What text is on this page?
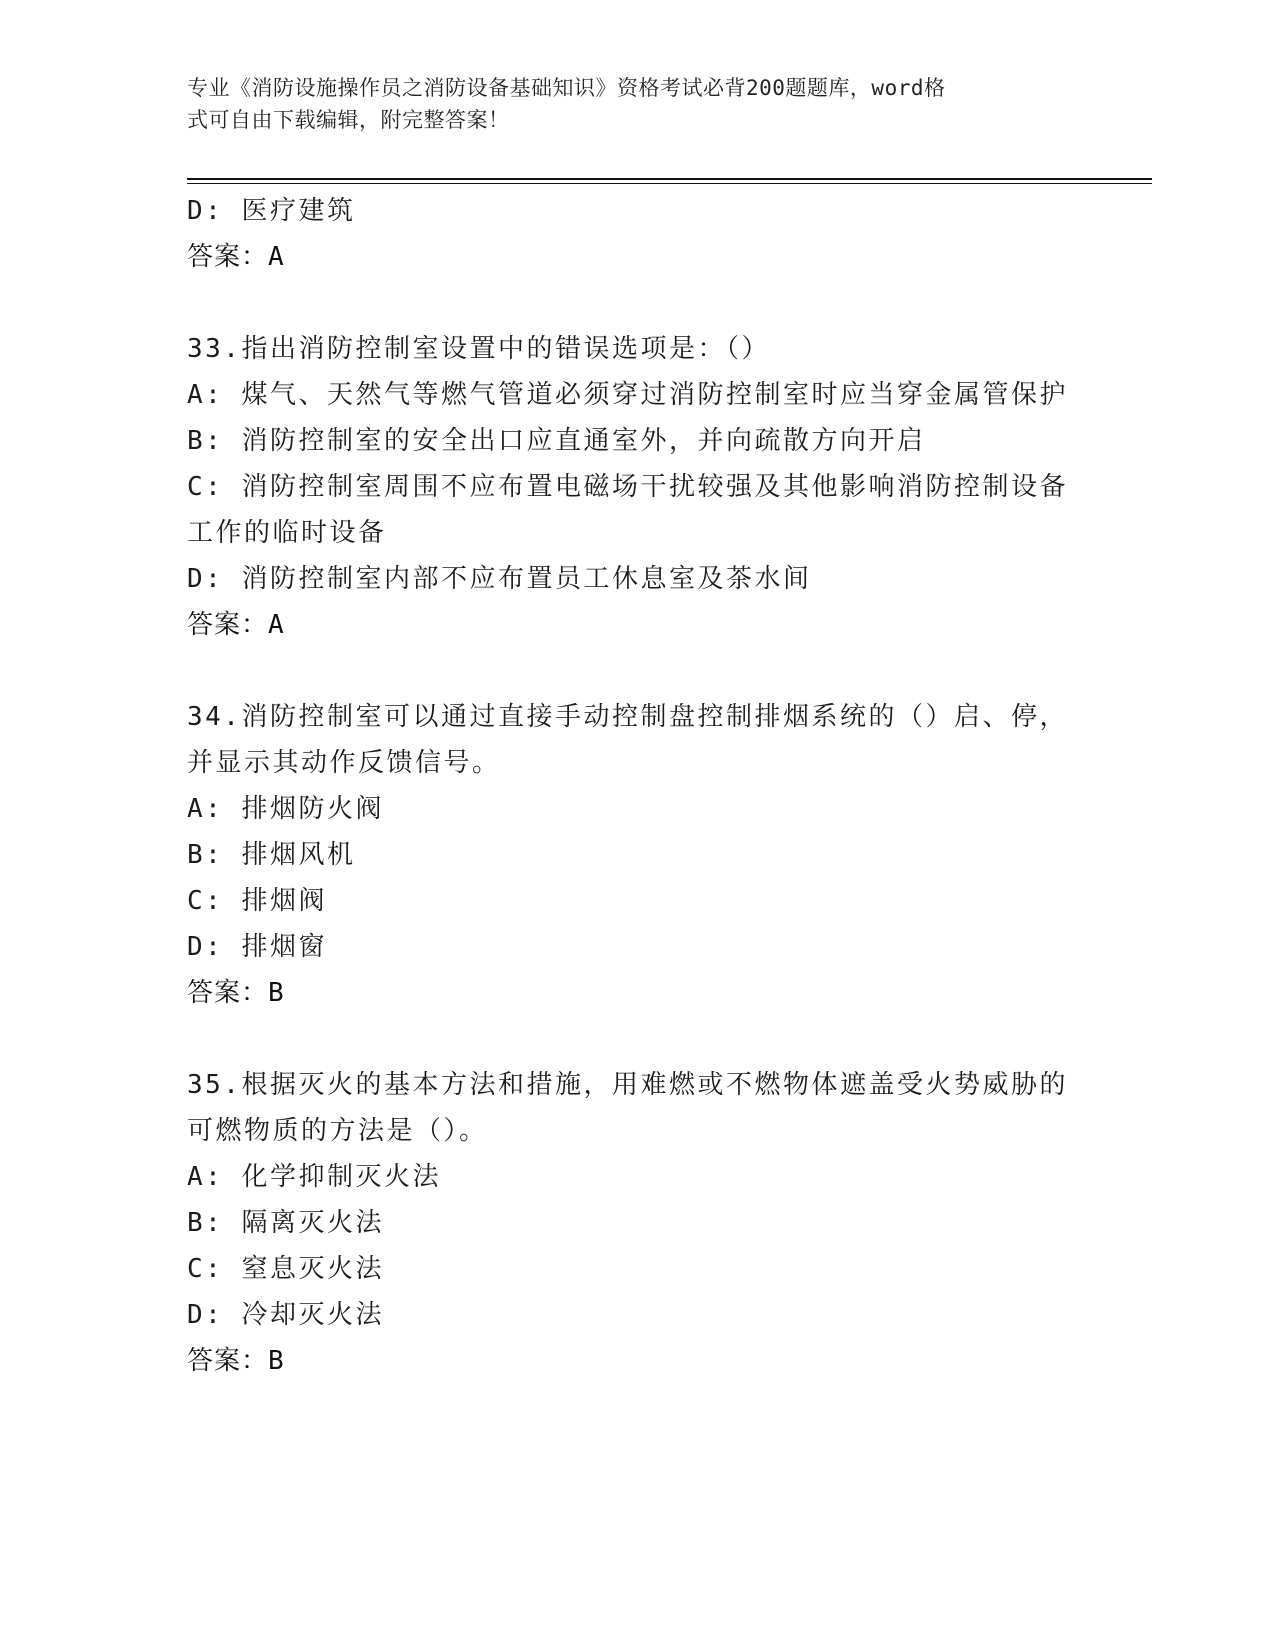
专业《消防设施操作员之消防设备基础知识》资格考试必背200题题库，word格
式可自由下载编辑，附完整答案！
D: 医疗建筑
答案：A
33.指出消防控制室设置中的错误选项是：（）
A: 煤气、天然气等燃气管道必须穿过消防控制室时应当穿金属管保护
B: 消防控制室的安全出口应直通室外，并向疏散方向开启
C: 消防控制室周围不应布置电磁场干扰较强及其他影响消防控制设备
工作的临时设备
D: 消防控制室内部不应布置员工休息室及茶水间
答案：A
34.消防控制室可以通过直接手动控制盘控制排烟系统的（）启、停，
并显示其动作反馈信号。
A: 排烟防火阀
B: 排烟风机
C: 排烟阀
D: 排烟窗
答案：B
35.根据灭火的基本方法和措施，用难燃或不燃物体遮盖受火势威胁的
可燃物质的方法是（）。
A: 化学抑制灭火法
B: 隔离灭火法
C: 窒息灭火法
D: 冷却灭火法
答案：B
